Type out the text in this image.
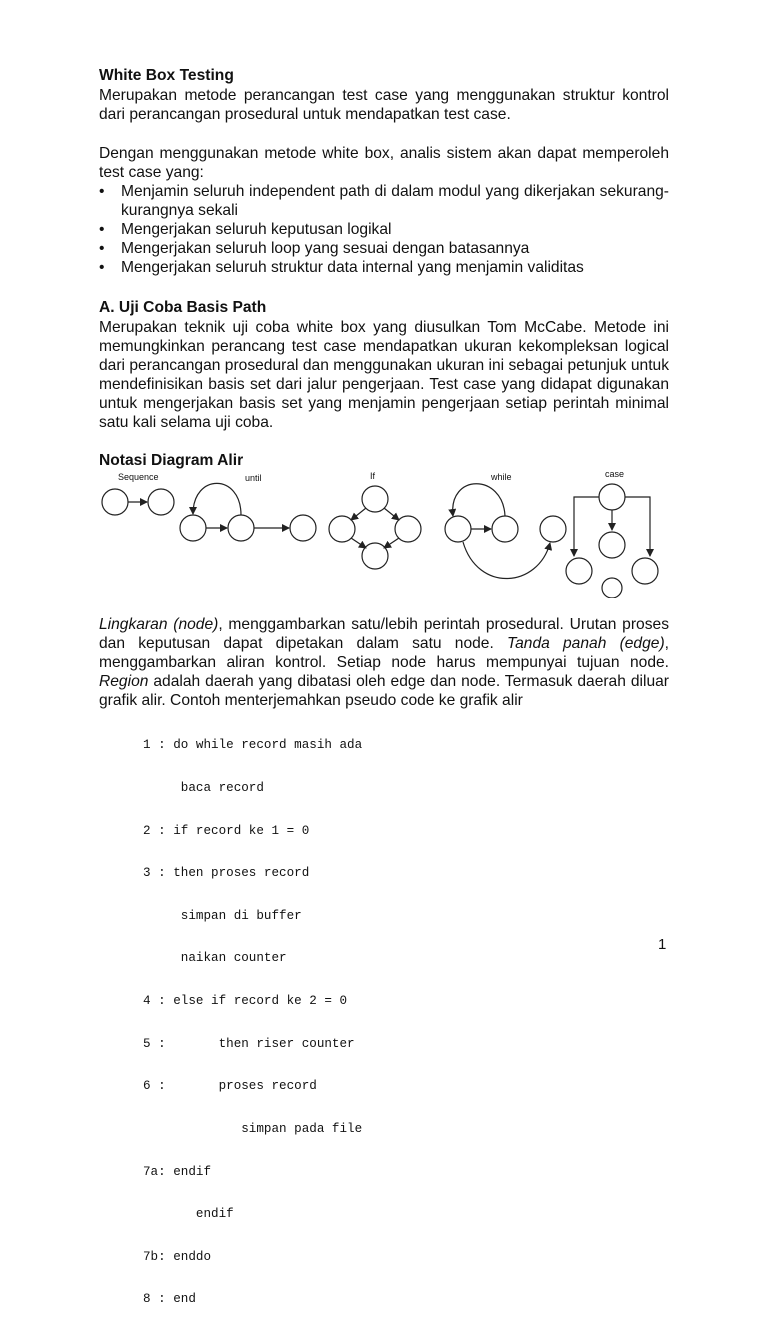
White Box Testing
Merupakan metode perancangan test case yang menggunakan struktur kontrol dari perancangan prosedural untuk mendapatkan test case.
Dengan menggunakan metode white box, analis sistem akan dapat memperoleh test case yang:
• Menjamin seluruh independent path di dalam modul yang dikerjakan sekurang-kurangnya sekali
• Mengerjakan seluruh keputusan logikal
• Mengerjakan seluruh loop yang sesuai dengan batasannya
• Mengerjakan seluruh struktur data internal yang menjamin validitas
A. Uji Coba Basis Path
Merupakan teknik uji coba white box yang diusulkan Tom McCabe. Metode ini memungkinkan perancang test case mendapatkan ukuran kekompleksan logical dari perancangan prosedural dan menggunakan ukuran ini sebagai petunjuk untuk mendefinisikan basis set dari jalur pengerjaan. Test case yang didapat digunakan untuk mengerjakan basis set yang menjamin pengerjaan setiap perintah minimal satu kali selama uji coba.
Notasi Diagram Alir
Sequence	until	If	while	case
Lingkaran (node), menggambarkan satu/lebih perintah prosedural. Urutan proses dan keputusan dapat dipetakan dalam satu node. Tanda panah (edge), menggambarkan aliran kontrol. Setiap node harus mempunyai tujuan node. Region adalah daerah yang dibatasi oleh edge dan node. Termasuk daerah diluar grafik alir. Contoh menterjemahkan pseudo code ke grafik alir

1 : do while record masih ada

baca record

2 : if record ke 1 = 0

3 : then proses record

simpan di buffer

naikan counter

4 : else if record ke 2 = 0

5 :       then riser counter

6 :       proses record

simpan pada file

7a: endif

endif

7b: enddo

8 : end

1
